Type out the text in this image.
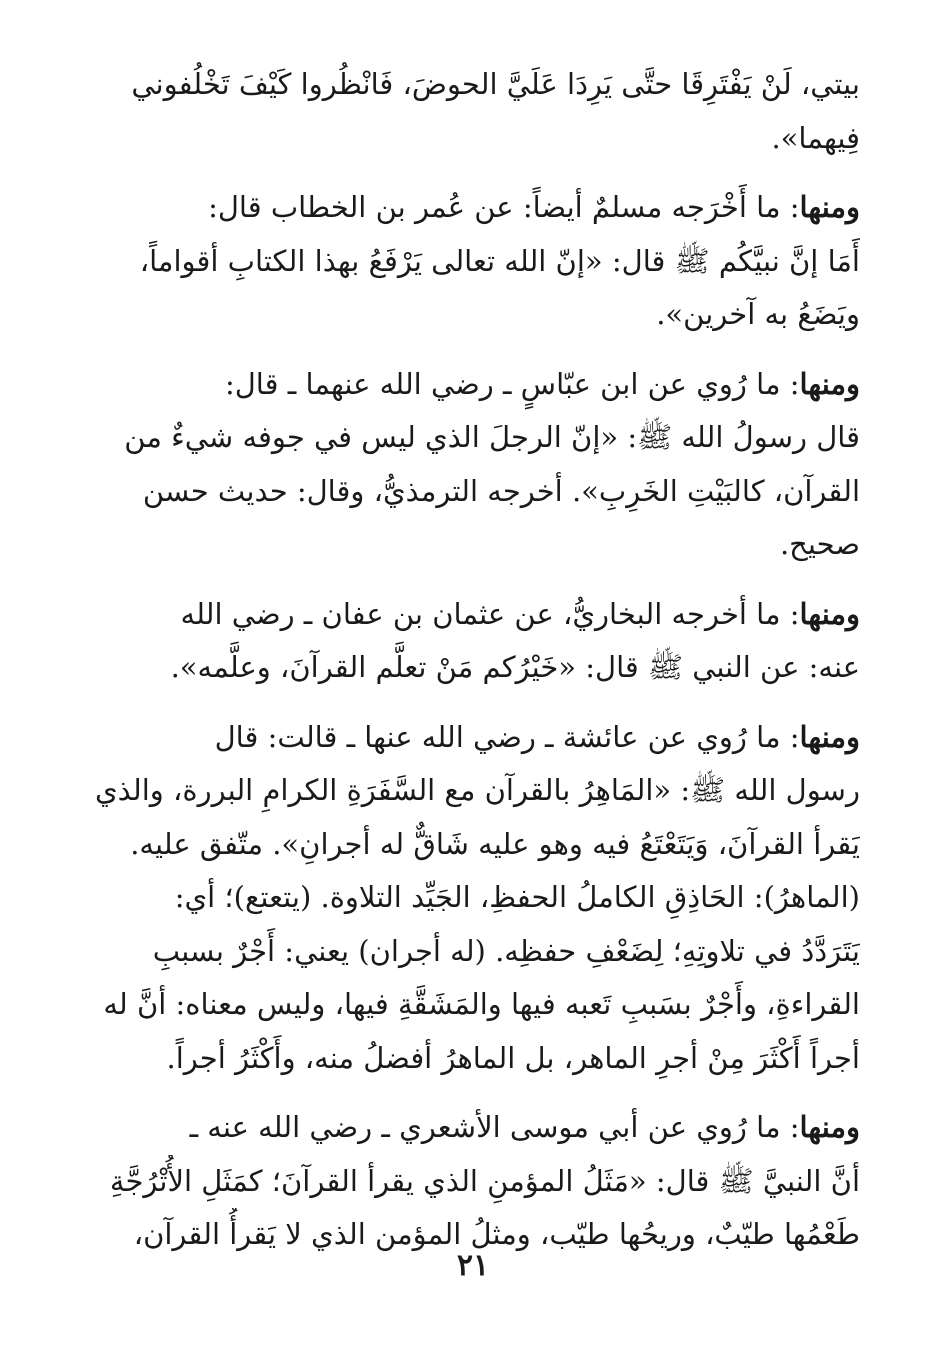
بيتي، لَنْ يَفْتَرِقَا حتَّى يَرِدَا عَلَيَّ الحوضَ، فَانْظُروا كَيْفَ تَخْلُفوني
فِيهما».
ومنها: ما أَخْرَجه مسلمٌ أيضاً: عن عُمر بن الخطاب قال:
أَمَا إنَّ نبيَّكُم ﷺ قال: «إنّ الله تعالى يَرْفَعُ بهذا الكتابِ أقواماً،
ويَضَعُ به آخرين».
ومنها: ما رُوي عن ابن عبّاسٍ ـ رضي الله عنهما ـ قال:
قال رسولُ الله ﷺ: «إنّ الرجلَ الذي ليس في جوفه شيءٌ من
القرآن، كالبَيْتِ الخَرِبِ». أخرجه الترمذيُّ، وقال: حديث حسن
صحيح.
ومنها: ما أخرجه البخاريُّ، عن عثمان بن عفان ـ رضي الله
عنه: عن النبي ﷺ قال: «خَيْرُكم مَنْ تعلَّم القرآنَ، وعلَّمه».
ومنها: ما رُوي عن عائشة ـ رضي الله عنها ـ قالت: قال
رسول الله ﷺ: «المَاهِرُ بالقرآن مع السَّفَرَةِ الكرامِ البررة، والذي
يَقرأ القرآنَ، وَيَتَعْتَعُ فيه وهو عليه شَاقٌّ له أجرانِ». متّفق عليه.
(الماهرُ): الحَاذِقِ الكاملُ الحفظِ، الجَيِّد التلاوة. (يتعتع)؛ أي:
يَتَرَدَّدُ في تلاوتِهِ؛ لِضَعْفِ حفظِه. (له أجران) يعني: أَجْرٌ بسببِ
القراءةِ، وأَجْرٌ بسَببِ تَعبه فيها والمَشَقَّةِ فيها، وليس معناه: أنَّ له
أجراً أَكْثَرَ مِنْ أجرِ الماهر، بل الماهرُ أفضلُ منه، وأَكْثَرُ أجراً.
ومنها: ما رُوي عن أبي موسى الأشعري ـ رضي الله عنه ـ
أنَّ النبيَّ ﷺ قال: «مَثَلُ المؤمنِ الذي يقرأ القرآنَ؛ كمَثَلِ الأُتْرُجَّةِ
طَعْمُها طيّبٌ، وريحُها طيّب، ومثلُ المؤمن الذي لا يَقرأُ القرآن،
٢١
